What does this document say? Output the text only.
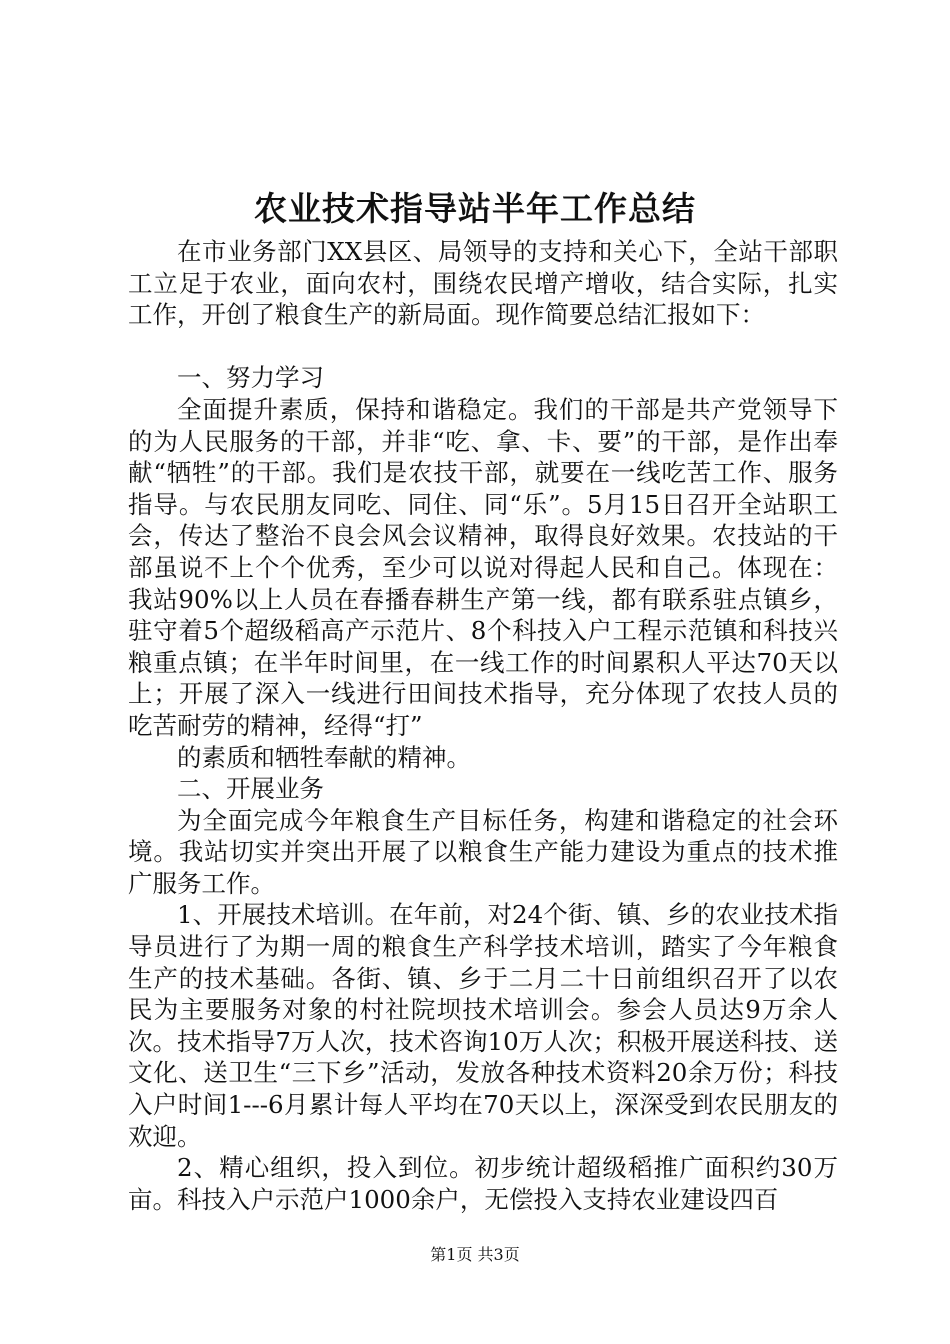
农业技术指导站半年工作总结

在市业务部门XX县区、局领导的支持和关心下，全站干部职工立足于农业，面向农村，围绕农民增产增收，结合实际，扎实工作，开创了粮食生产的新局面。现作简要总结汇报如下：

一、努力学习

全面提升素质，保持和谐稳定。我们的干部是共产党领导下的为人民服务的干部，并非“吃、拿、卡、要”的干部，是作出奉献“牺牲”的干部。我们是农技干部，就要在一线吃苦工作、服务指导。与农民朋友同吃、同住、同“乐”。5月15日召开全站职工会，传达了整治不良会风会议精神，取得良好效果。农技站的干部虽说不上个个优秀，至少可以说对得起人民和自己。体现在：我站90%以上人员在春播春耕生产第一线，都有联系驻点镇乡，驻守着5个超级稻高产示范片、8个科技入户工程示范镇和科技兴粮重点镇；在半年时间里，在一线工作的时间累积人平达70天以上；开展了深入一线进行田间技术指导，充分体现了农技人员的吃苦耐劳的精神，经得“打”

的素质和牺牲奉献的精神。

二、开展业务

为全面完成今年粮食生产目标任务，构建和谐稳定的社会环境。我站切实并突出开展了以粮食生产能力建设为重点的技术推广服务工作。

1、开展技术培训。在年前，对24个街、镇、乡的农业技术指导员进行了为期一周的粮食生产科学技术培训，踏实了今年粮食生产的技术基础。各街、镇、乡于二月二十日前组织召开了以农民为主要服务对象的村社院坝技术培训会。参会人员达9万余人次。技术指导7万人次，技术咨询10万人次；积极开展送科技、送文化、送卫生“三下乡”活动，发放各种技术资料20余万份；科技入户时间1---6月累计每人平均在70天以上，深深受到农民朋友的欢迎。

2、精心组织，投入到位。初步统计超级稻推广面积约30万亩。科技入户示范户1000余户，无偿投入支持农业建设四百

第1页 共3页
